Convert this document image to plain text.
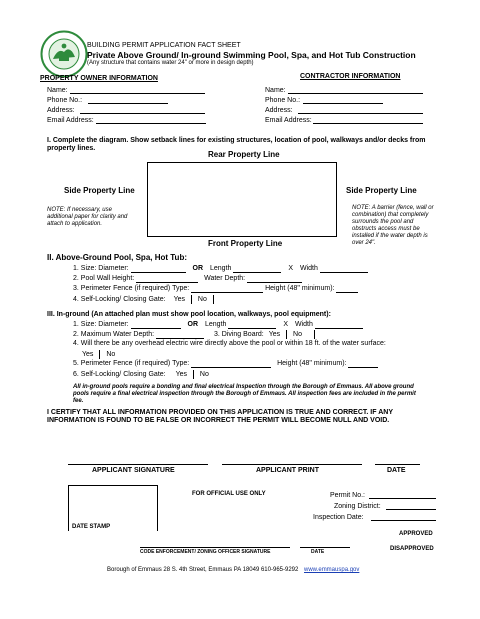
BUILDING PERMIT APPLICATION FACT SHEET
Private Above Ground/ In-ground Swimming Pool, Spa, and Hot Tub Construction
(Any structure that contains water 24" or more in design depth)
PROPERTY OWNER INFORMATION	CONTRACTOR INFORMATION
Name:
Phone No.:
Address:
Email Address:
Name:
Phone No.:
Address:
Email Address:
I. Complete the diagram. Show setback lines for existing structures, location of pool, walkways and/or decks from property lines.
Rear Property Line
Side Property Line	Side Property Line
Front Property Line
NOTE: If necessary, use additional paper for clarity and attach to application.
NOTE: A barrier (fence, wall or combination) that completely surrounds the pool and obstructs access must be installed if the water depth is over 24".
II. Above-Ground Pool, Spa, Hot Tub:
1. Size: Diameter:	OR Length	X Width
2. Pool Wall Height:	Water Depth:
3. Perimeter Fence (if required) Type:	Height (48" minimum):
4. Self-Locking/ Closing Gate: Yes No
III. In-ground (An attached plan must show pool location, walkways, pool equipment):
1. Size: Diameter:	OR Length	X Width
2. Maximum Water Depth:	3. Diving Board: Yes No
4. Will there be any overhead electric wire directly above the pool or within 18 ft. of the water surface:
Yes No
5. Perimeter Fence (if required) Type:	Height (48" minimum):
6. Self-Locking/ Closing Gate: Yes No
All in-ground pools require a bonding and final electrical Inspection through the Borough of Emmaus. All above ground pools require a final electrical inspection through the Borough of Emmaus. All inspection fees are included in the permit fee.
I CERTIFY THAT ALL INFORMATION PROVIDED ON THIS APPLICATION IS TRUE AND CORRECT. IF ANY INFORMATION IS FOUND TO BE FALSE OR INCORRECT THE PERMIT WILL BECOME NULL AND VOID.
APPLICANT SIGNATURE	APPLICANT PRINT	DATE
FOR OFFICIAL USE ONLY
DATE STAMP
Permit No.:
Zoning District:
Inspection Date:
APPROVED
CODE ENFORCEMENT/ ZONING OFFICER SIGNATURE	DATE	DISAPPROVED
Borough of Emmaus 28 S. 4th Street, Emmaus PA 18049 610-965-9292 www.emmauspa.gov
